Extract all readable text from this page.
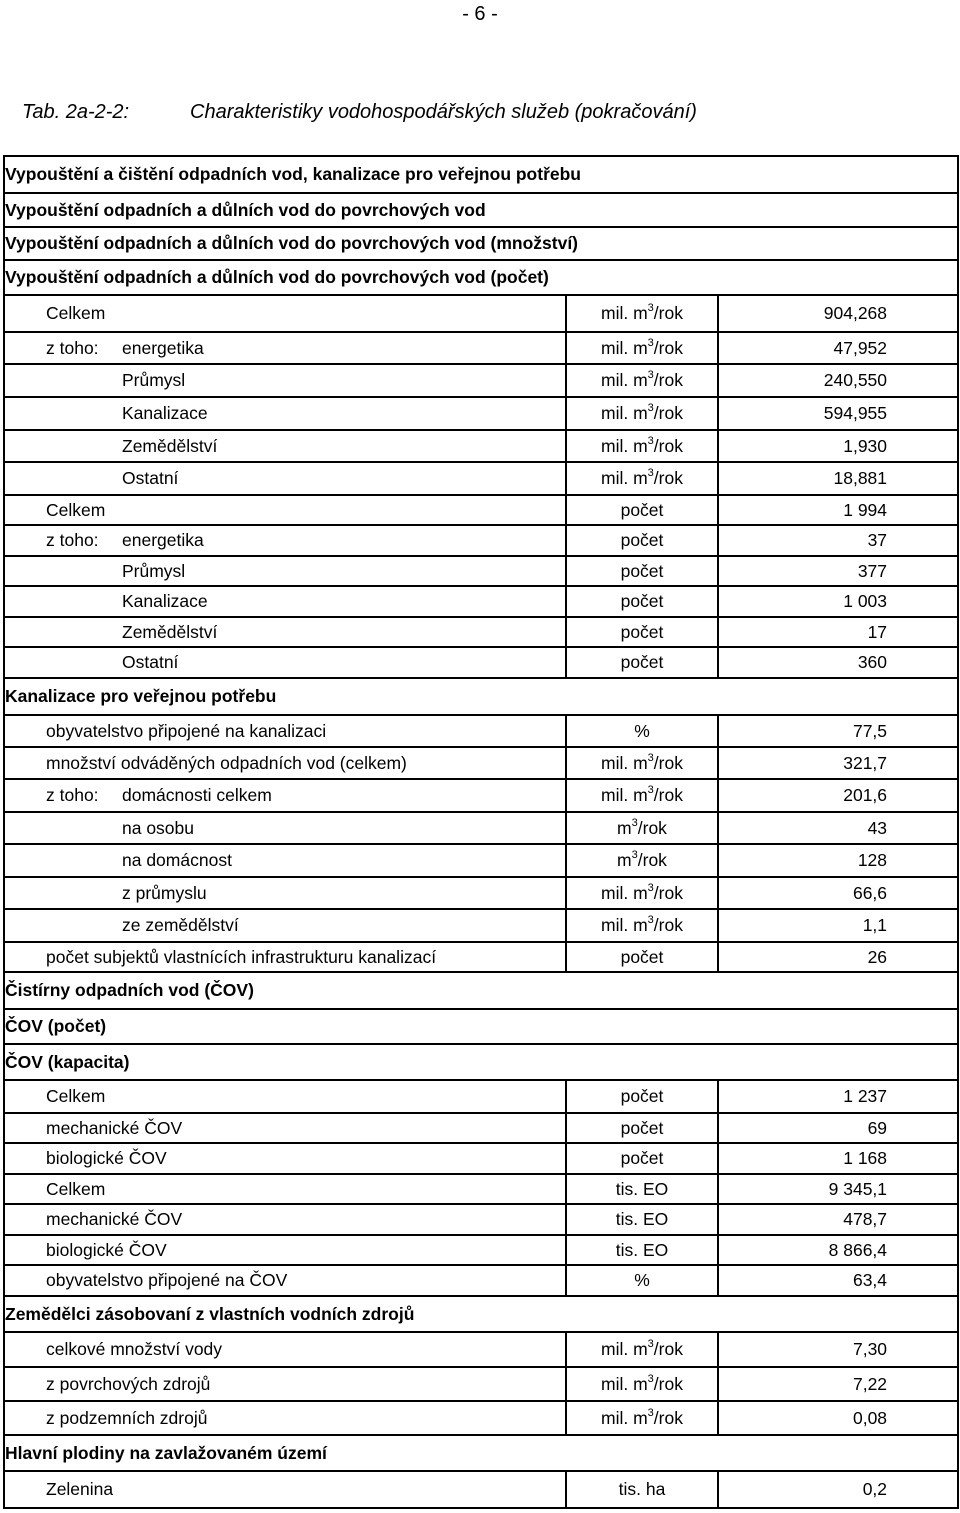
- 6 -
Tab. 2a-2-2:	Charakteristiky vodohospodářských služeb (pokračování)
Vypouštění a čištění odpadních vod, kanalizace pro veřejnou potřebu		
Vypouštění odpadních a důlních vod do povrchových vod		
Vypouštění odpadních a důlních vod do povrchových vod (množství)		
Vypouštění odpadních a důlních vod do povrchových vod (počet)		
Celkem	mil. $m^3$/rok	904,268

z toho: energetika	mil. $m^3$/rok	47,952
Průmysl	mil. $m^3$/rok	240,550
Kanalizace	mil. $m^3$/rok	594,955
Zemědělství	mil. $m^3$/rok	1,930
Ostatní	mil. $m^3$/rok	18,881
Celkem	počet	1 994

z toho: energetika	počet	37
Průmysl	počet	377
Kanalizace	počet	1 003
Zemědělství	počet	17
Ostatní	počet	360
Kanalizace pro veřejnou potřebu		
obyvatelstvo připojené na kanalizaci	%	77,5
množství odváděných odpadních vod (celkem)	mil. $m^3$/rok	321,7

z toho: domácnosti celkem	mil. $m^3$/rok	201,6
na osobu	$m^3$/rok	43
na domácnost	$m^3$/rok	128
z průmyslu	mil. $m^3$/rok	66,6
ze zemědělství	mil. $m^3$/rok	1,1
počet subjektů vlastnících infrastrukturu kanalizací	počet	26
Čistírny odpadních vod (ČOV)		
ČOV (počet)		
ČOV (kapacita)		
Celkem	počet	1 237
mechanické ČOV	počet	69
biologické ČOV	počet	1 168
Celkem	tis. EO	9 345,1
mechanické ČOV	tis. EO	478,7
biologické ČOV	tis. EO	8 866,4
obyvatelstvo připojené na ČOV	%	63,4
Zemědělci zásobovaní z vlastních vodních zdrojů		
celkové množství vody	mil. $m^3$/rok	7,30
z povrchových zdrojů	mil. $m^3$/rok	7,22
z podzemních zdrojů	mil. $m^3$/rok	0,08
Hlavní plodiny na zavlažovaném území		
Zelenina	tis. ha	0,2
